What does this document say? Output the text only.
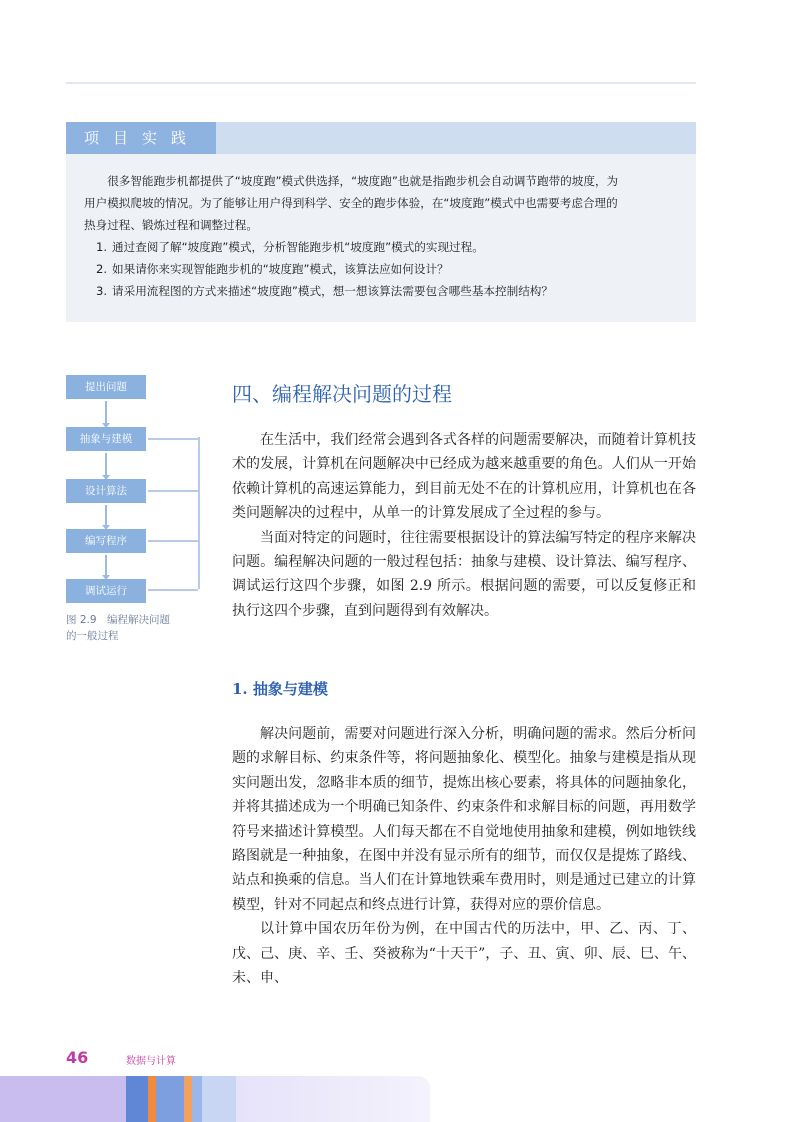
项目实践

很多智能跑步机都提供了“坡度跑”模式供选择，“坡度跑”也就是指跑步机会自动调节跑带的坡度，为

用户模拟爬坡的情况。为了能够让用户得到科学、安全的跑步体验，在“坡度跑”模式中也需要考虑合理的

热身过程、锻炼过程和调整过程。

1. 通过查阅了解“坡度跑”模式，分析智能跑步机“坡度跑”模式的实现过程。

2. 如果请你来实现智能跑步机的“坡度跑”模式，该算法应如何设计？

3. 请采用流程图的方式来描述“坡度跑”模式，想一想该算法需要包含哪些基本控制结构？

提出问题
抽象与建模
设计算法
编写程序
调试运行
图 2.9　编程解决问题
的一般过程
四、编程解决问题的过程

在生活中，我们经常会遇到各式各样的问题需要解决，而随着计算机技术的发展，计算机在问题解决中已经成为越来越重要的角色。人们从一开始依赖计算机的高速运算能力，到目前无处不在的计算机应用，计算机也在各类问题解决的过程中，从单一的计算发展成了全过程的参与。

当面对特定的问题时，往往需要根据设计的算法编写特定的程序来解决问题。编程解决问题的一般过程包括：抽象与建模、设计算法、编写程序、调试运行这四个步骤，如图 2.9 所示。根据问题的需要，可以反复修正和执行这四个步骤，直到问题得到有效解决。

1. 抽象与建模

解决问题前，需要对问题进行深入分析，明确问题的需求。然后分析问题的求解目标、约束条件等，将问题抽象化、模型化。抽象与建模是指从现实问题出发，忽略非本质的细节，提炼出核心要素，将具体的问题抽象化，并将其描述成为一个明确已知条件、约束条件和求解目标的问题，再用数学符号来描述计算模型。人们每天都在不自觉地使用抽象和建模，例如地铁线路图就是一种抽象，在图中并没有显示所有的细节，而仅仅是提炼了路线、站点和换乘的信息。当人们在计算地铁乘车费用时，则是通过已建立的计算模型，针对不同起点和终点进行计算，获得对应的票价信息。

以计算中国农历年份为例，在中国古代的历法中，甲、乙、丙、丁、戊、己、庚、辛、壬、癸被称为“十天干”，子、丑、寅、卯、辰、巳、午、未、申、

46	数据与计算
